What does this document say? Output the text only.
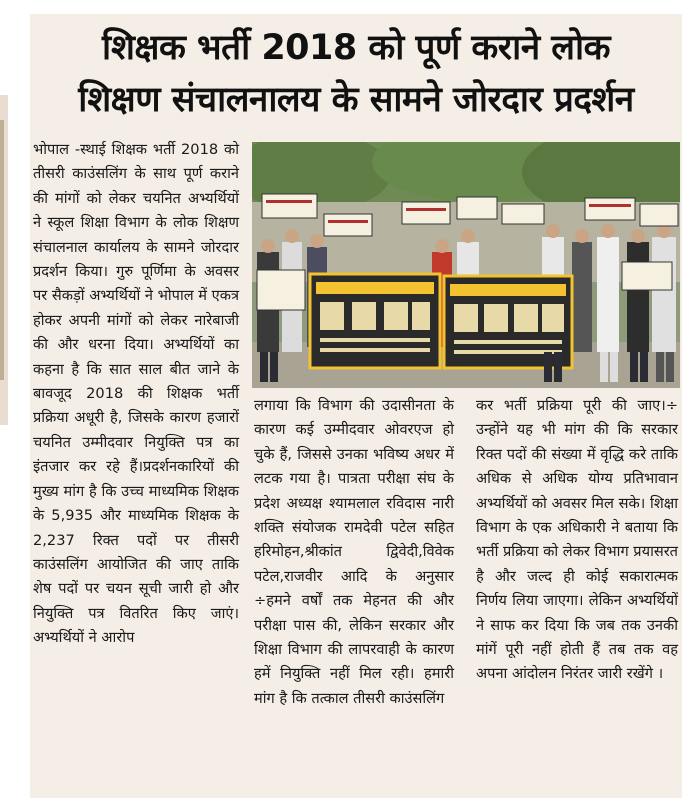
शिक्षक भर्ती 2018 को पूर्ण कराने लोक
शिक्षण संचालनालय के सामने जोरदार प्रदर्शन
भोपाल -स्थाई शिक्षक भर्ती 2018 को तीसरी काउंसलिंग के साथ पूर्ण कराने की मांगों को लेकर चयनित अभ्यर्थियों ने स्कूल शिक्षा विभाग के लोक शिक्षण संचालनाल कार्यालय के सामने जोरदार प्रदर्शन किया। गुरु पूर्णिमा के अवसर पर सैकड़ों अभ्यर्थियों ने भोपाल में एकत्र होकर अपनी मांगों को लेकर नारेबाजी की और धरना दिया। अभ्यर्थियों का कहना है कि सात साल बीत जाने के बावजूद 2018 की शिक्षक भर्ती प्रक्रिया अधूरी है, जिसके कारण हजारों चयनित उम्मीदवार नियुक्ति पत्र का इंतजार कर रहे हैं।प्रदर्शनकारियों की मुख्य मांग है कि उच्च माध्यमिक शिक्षक के 5,935 और माध्यमिक शिक्षक के 2,237 रिक्त पदों पर तीसरी काउंसलिंग आयोजित की जाए ताकि शेष पदों पर चयन सूची जारी हो और नियुक्ति पत्र वितरित किए जाएं। अभ्यर्थियों ने आरोप
लगाया कि विभाग की उदासीनता के कारण कई उम्मीदवार ओवरएज हो चुके हैं, जिससे उनका भविष्य अधर में लटक गया है। पात्रता परीक्षा संघ के प्रदेश अध्यक्ष श्यामलाल रविदास नारी शक्ति संयोजक रामदेवी पटेल सहित हरिमोहन,श्रीकांत द्विवेदी,विवेक पटेल,राजवीर आदि के अनुसार ÷हमने वर्षों तक मेहनत की और परीक्षा पास की, लेकिन सरकार और शिक्षा विभाग की लापरवाही के कारण हमें नियुक्ति नहीं मिल रही। हमारी मांग है कि तत्काल तीसरी काउंसलिंग
कर भर्ती प्रक्रिया पूरी की जाए।÷ उन्होंने यह भी मांग की कि सरकार रिक्त पदों की संख्या में वृद्धि करे ताकि अधिक से अधिक योग्य प्रतिभावान अभ्यर्थियों को अवसर मिल सके। शिक्षा विभाग के एक अधिकारी ने बताया कि भर्ती प्रक्रिया को लेकर विभाग प्रयासरत है और जल्द ही कोई सकारात्मक निर्णय लिया जाएगा। लेकिन अभ्यर्थियों ने साफ कर दिया कि जब तक उनकी मांगें पूरी नहीं होती हैं तब तक वह अपना आंदोलन निरंतर जारी रखेंगे ।
